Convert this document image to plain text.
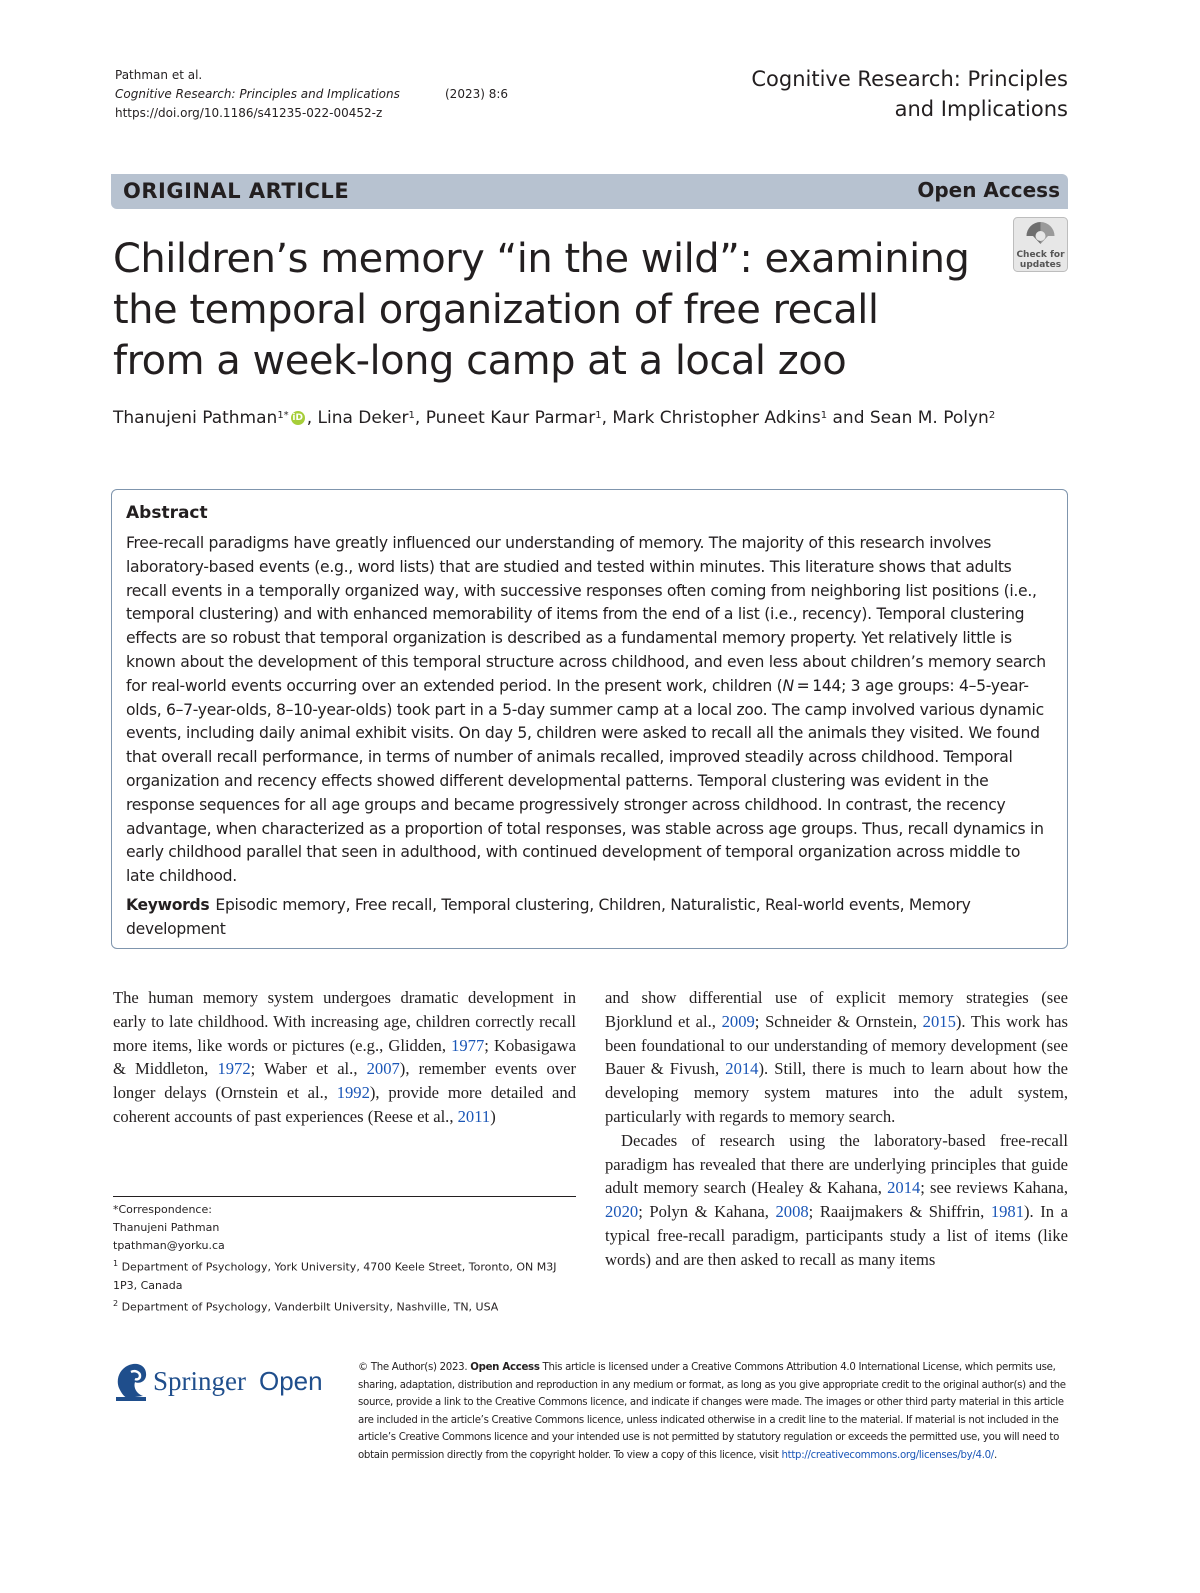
Pathman et al.
Cognitive Research: Principles and Implications	(2023) 8:6
https://doi.org/10.1186/s41235-022-00452-z
Cognitive Research: Principles
and Implications
ORIGINAL ARTICLE	Open Access
Children’s memory “in the wild”: examining
the temporal organization of free recall
from a week-long camp at a local zoo
Check for
updates
Thanujeni Pathman$^{1*}$ iD , Lina Deker$^1$, Puneet Kaur Parmar$^1$, Mark Christopher Adkins$^1$ and Sean M. Polyn$^2$
Abstract
Free-recall paradigms have greatly influenced our understanding of memory. The majority of this research involves laboratory-based events (e.g., word lists) that are studied and tested within minutes. This literature shows that adults recall events in a temporally organized way, with successive responses often coming from neighboring list positions (i.e., temporal clustering) and with enhanced memorability of items from the end of a list (i.e., recency). Temporal clustering effects are so robust that temporal organization is described as a fundamental memory property. Yet relatively little is known about the development of this temporal structure across childhood, and even less about children’s memory search for real-world events occurring over an extended period. In the present work, children (N = 144; 3 age groups: 4–5-year-olds, 6–7-year-olds, 8–10-year-olds) took part in a 5-day summer camp at a local zoo. The camp involved various dynamic events, including daily animal exhibit visits. On day 5, children were asked to recall all the animals they visited. We found that overall recall performance, in terms of number of animals recalled, improved steadily across childhood. Temporal organization and recency effects showed different developmental patterns. Temporal clustering was evident in the response sequences for all age groups and became progressively stronger across childhood. In contrast, the recency advantage, when characterized as a proportion of total responses, was stable across age groups. Thus, recall dynamics in early childhood parallel that seen in adulthood, with continued development of temporal organization across middle to late childhood.
Keywords Episodic memory, Free recall, Temporal clustering, Children, Naturalistic, Real-world events, Memory development

The human memory system undergoes dramatic development in early to late childhood. With increasing age, children correctly recall more items, like words or pictures (e.g., Glidden, 1977; Kobasigawa & Middleton, 1972; Waber et al., 2007), remember events over longer delays (Ornstein et al., 1992), provide more detailed and coherent accounts of past experiences (Reese et al., 2011)

and show differential use of explicit memory strategies (see Bjorklund et al., 2009; Schneider & Ornstein, 2015). This work has been foundational to our understanding of memory development (see Bauer & Fivush, 2014). Still, there is much to learn about how the developing memory system matures into the adult system, particularly with regards to memory search.

Decades of research using the laboratory-based free-recall paradigm has revealed that there are underlying principles that guide adult memory search (Healey & Kahana, 2014; see reviews Kahana, 2020; Polyn & Kahana, 2008; Raaijmakers & Shiffrin, 1981). In a typical free-recall paradigm, participants study a list of items (like words) and are then asked to recall as many items

*Correspondence:
Thanujeni Pathman
tpathman@yorku.ca
$^1$ Department of Psychology, York University, 4700 Keele Street, Toronto, ON M3J 1P3, Canada
$^2$ Department of Psychology, Vanderbilt University, Nashville, TN, USA
Springer Open	© The Author(s) 2023. Open Access This article is licensed under a Creative Commons Attribution 4.0 International License, which permits use, sharing, adaptation, distribution and reproduction in any medium or format, as long as you give appropriate credit to the original author(s) and the source, provide a link to the Creative Commons licence, and indicate if changes were made. The images or other third party material in this article are included in the article’s Creative Commons licence, unless indicated otherwise in a credit line to the material. If material is not included in the article’s Creative Commons licence and your intended use is not permitted by statutory regulation or exceeds the permitted use, you will need to obtain permission directly from the copyright holder. To view a copy of this licence, visit http://creativecommons.org/licenses/by/4.0/.
